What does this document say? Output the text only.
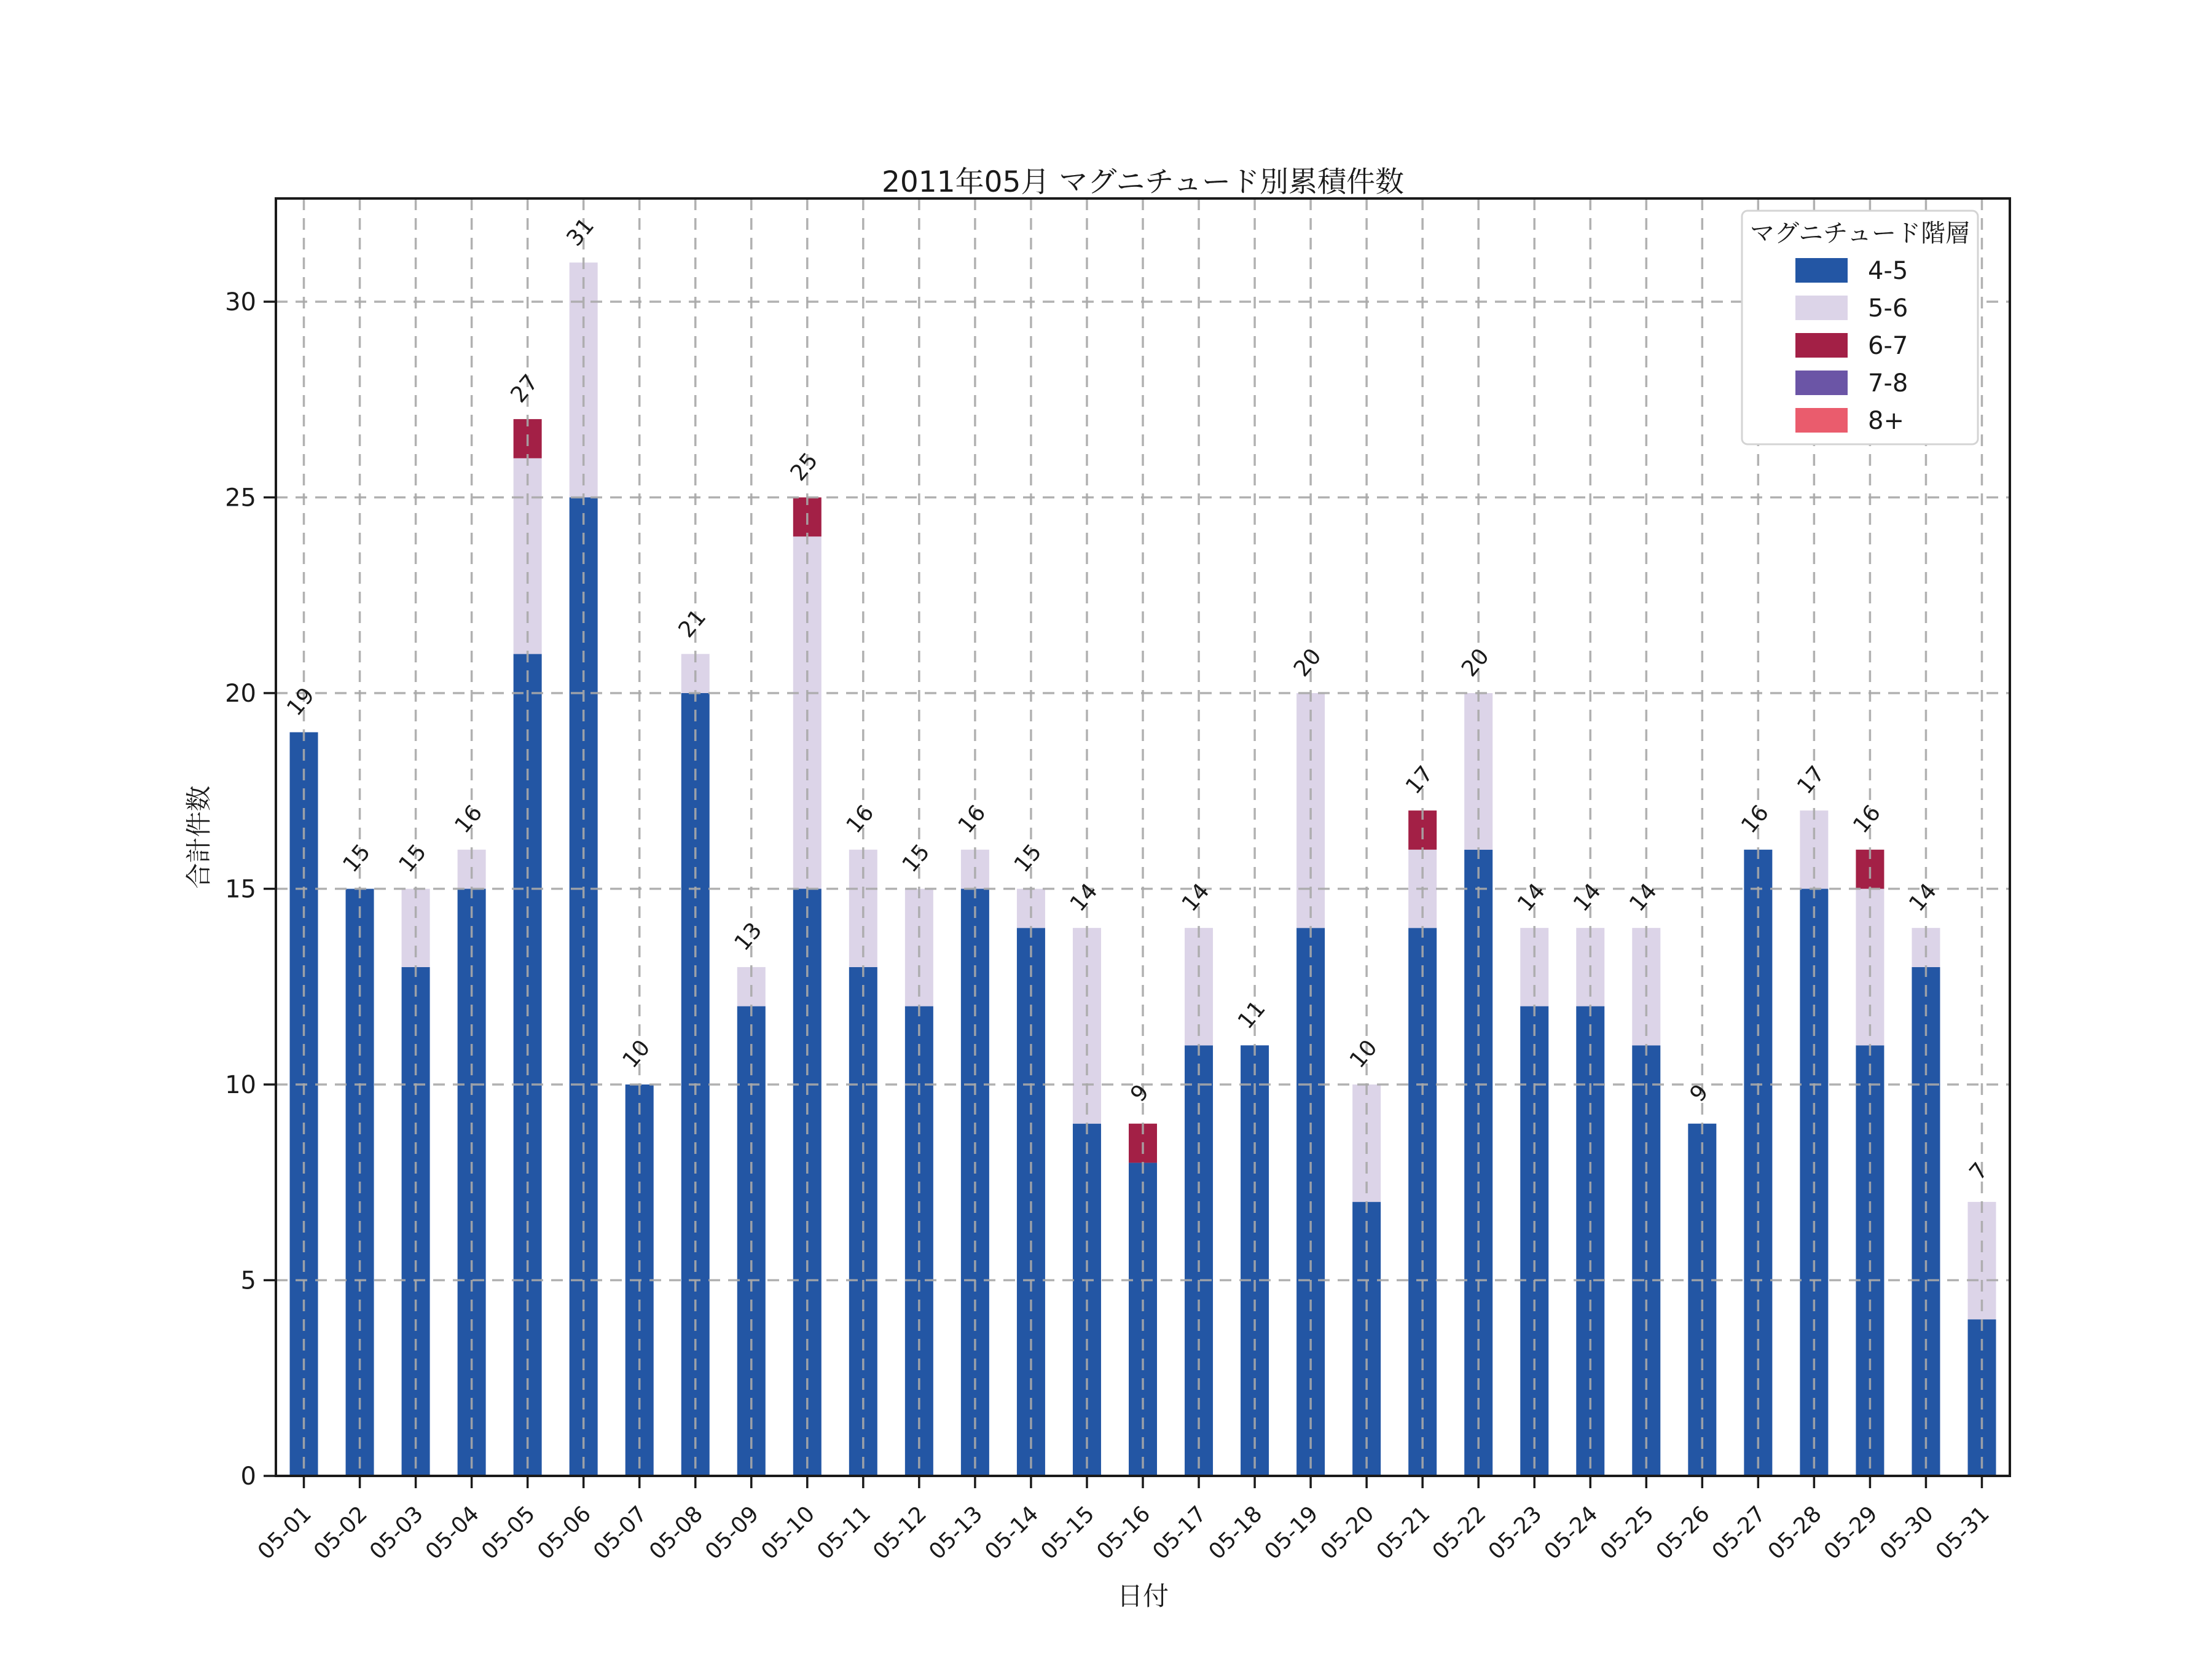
0
5
10
15
20
25
30
05-01
05-02
05-03
05-04
05-05
05-06
05-07
05-08
05-09
05-10
05-11
05-12
05-13
05-14
05-15
05-16
05-17
05-18
05-19
05-20
05-21
05-22
05-23
05-24
05-25
05-26
05-27
05-28
05-29
05-30
05-31
19
15 15
16
27
31
10
21
13
25
16
15
16
15
14
9
14
11
20
10
17
20
14 14 14
9
16
17
16
14
7
2011年05月 マグニチュード別累積件数
日付
合計件数
マグニチュード階層
4-5
5-6
6-7
7-8
8+
